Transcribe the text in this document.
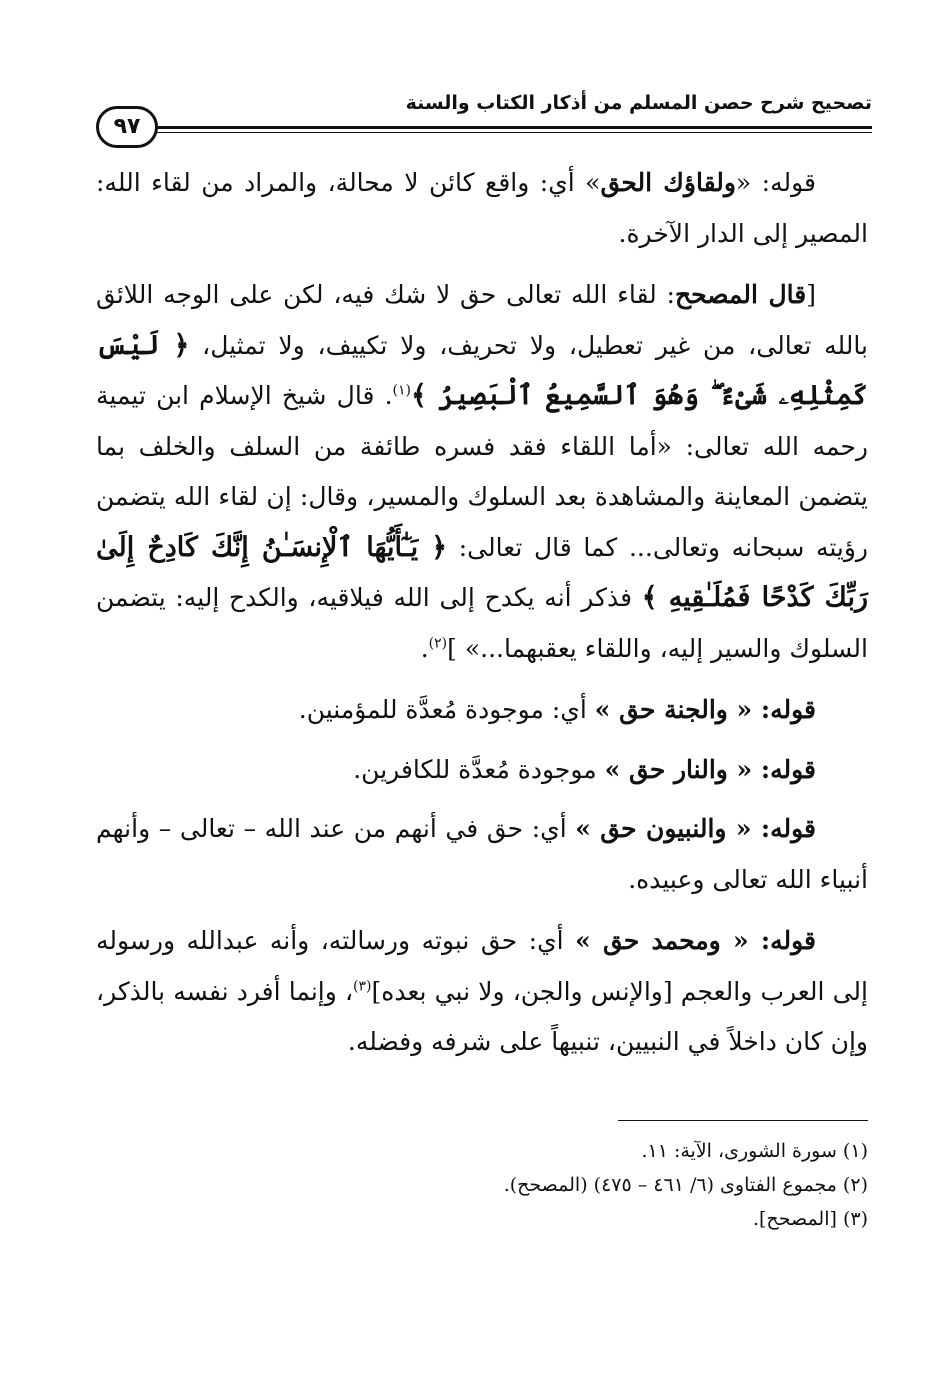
تصحيح شرح حصن المسلم من أذكار الكتاب والسنة
٩٧

قوله: «ولقاؤك الحق» أي: واقع كائن لا محالة، والمراد من لقاء الله: المصير إلى الدار الآخرة.

[قال المصحح: لقاء الله تعالى حق لا شك فيه، لكن على الوجه اللائق بالله تعالى، من غير تعطيل، ولا تحريف، ولا تكييف، ولا تمثيل، ﴿ لَيْسَ كَمِثْلِهِۦ شَىْءٌ ۖ وَهُوَ ٱلسَّمِيعُ ٱلْبَصِيرُ ﴾$^{(١)}$. قال شيخ الإسلام ابن تيمية رحمه الله تعالى: «أما اللقاء فقد فسره طائفة من السلف والخلف بما يتضمن المعاينة والمشاهدة بعد السلوك والمسير، وقال: إن لقاء الله يتضمن رؤيته سبحانه وتعالى... كما قال تعالى: ﴿ يَـٰٓأَيُّهَا ٱلْإِنسَـٰنُ إِنَّكَ كَادِحٌ إِلَىٰ رَبِّكَ كَدْحًا فَمُلَـٰقِيهِ ﴾ فذكر أنه يكدح إلى الله فيلاقيه، والكدح إليه: يتضمن السلوك والسير إليه، واللقاء يعقبهما...» ]$^{(٢)}$.

قوله: « والجنة حق » أي: موجودة مُعدَّة للمؤمنين.

قوله: « والنار حق » موجودة مُعدَّة للكافرين.

قوله: « والنبيون حق » أي: حق في أنهم من عند الله – تعالى – وأنهم أنبياء الله تعالى وعبيده.

قوله: « ومحمد حق » أي: حق نبوته ورسالته، وأنه عبدالله ورسوله إلى العرب والعجم [والإنس والجن، ولا نبي بعده]$^{(٣)}$، وإنما أفرد نفسه بالذكر، وإن كان داخلاً في النبيين، تنبيهاً على شرفه وفضله.

(١) سورة الشورى، الآية: ١١.
(٢) مجموع الفتاوى (٦/ ٤٦١ – ٤٧٥) (المصحح).
(٣) [المصحح].
